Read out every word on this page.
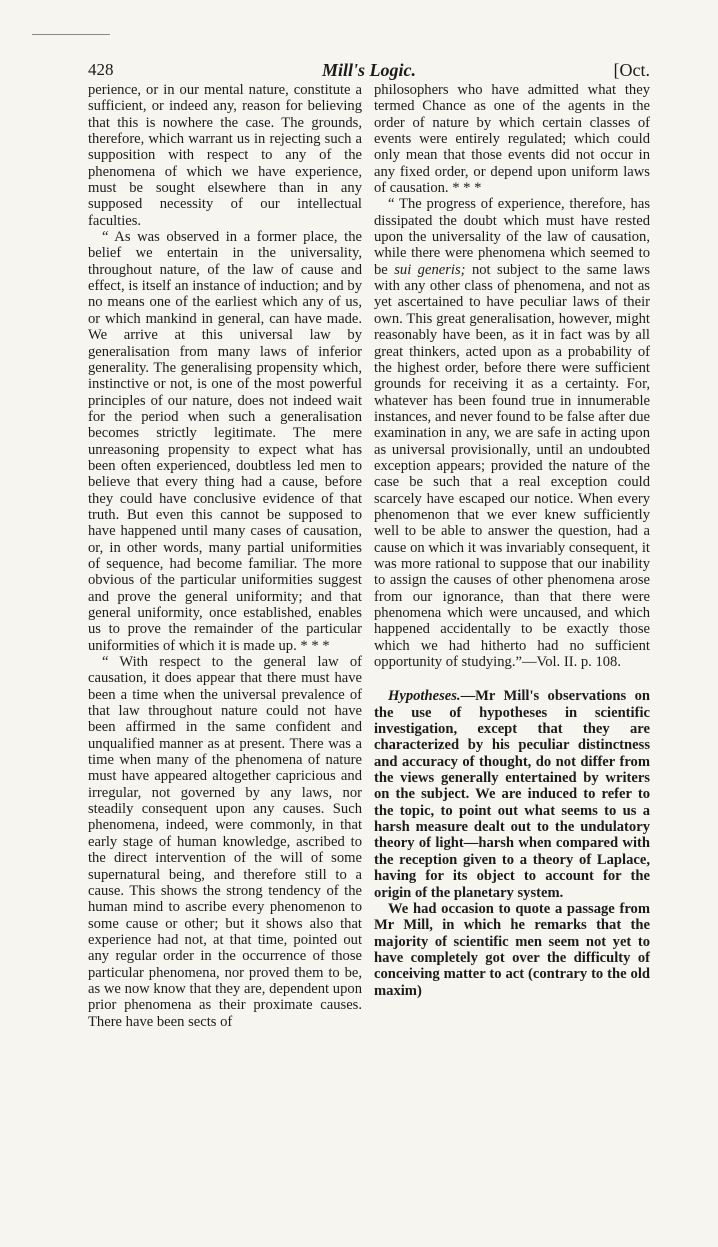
428	Mill's Logic.	[Oct.

perience, or in our mental nature, constitute a sufficient, or indeed any, reason for believing that this is nowhere the case. The grounds, therefore, which warrant us in rejecting such a supposition with respect to any of the phenomena of which we have experience, must be sought elsewhere than in any supposed necessity of our intellectual faculties.

“ As was observed in a former place, the belief we entertain in the universality, throughout nature, of the law of cause and effect, is itself an instance of induction; and by no means one of the earliest which any of us, or which mankind in general, can have made. We arrive at this universal law by generalisation from many laws of inferior generality. The generalising propensity which, instinctive or not, is one of the most powerful principles of our nature, does not indeed wait for the period when such a generalisation becomes strictly legitimate. The mere unreasoning propensity to expect what has been often experienced, doubtless led men to believe that every thing had a cause, before they could have conclusive evidence of that truth. But even this cannot be supposed to have happened until many cases of causation, or, in other words, many partial uniformities of sequence, had become familiar. The more obvious of the particular uniformities suggest and prove the general uniformity; and that general uniformity, once established, enables us to prove the remainder of the particular uniformities of which it is made up. * * *

“ With respect to the general law of causation, it does appear that there must have been a time when the universal prevalence of that law throughout nature could not have been affirmed in the same confident and unqualified manner as at present. There was a time when many of the phenomena of nature must have appeared altogether capricious and irregular, not governed by any laws, nor steadily consequent upon any causes. Such phenomena, indeed, were commonly, in that early stage of human knowledge, ascribed to the direct intervention of the will of some supernatural being, and therefore still to a cause. This shows the strong tendency of the human mind to ascribe every phenomenon to some cause or other; but it shows also that experience had not, at that time, pointed out any regular order in the occurrence of those particular phenomena, nor proved them to be, as we now know that they are, dependent upon prior phenomena as their proximate causes. There have been sects of

philosophers who have admitted what they termed Chance as one of the agents in the order of nature by which certain classes of events were entirely regulated; which could only mean that those events did not occur in any fixed order, or depend upon uniform laws of causation. * * *

“ The progress of experience, therefore, has dissipated the doubt which must have rested upon the universality of the law of causation, while there were phenomena which seemed to be sui generis; not subject to the same laws with any other class of phenomena, and not as yet ascertained to have peculiar laws of their own. This great generalisation, however, might reasonably have been, as it in fact was by all great thinkers, acted upon as a probability of the highest order, before there were sufficient grounds for receiving it as a certainty. For, whatever has been found true in innumerable instances, and never found to be false after due examination in any, we are safe in acting upon as universal provisionally, until an undoubted exception appears; provided the nature of the case be such that a real exception could scarcely have escaped our notice. When every phenomenon that we ever knew sufficiently well to be able to answer the question, had a cause on which it was invariably consequent, it was more rational to suppose that our inability to assign the causes of other phenomena arose from our ignorance, than that there were phenomena which were uncaused, and which happened accidentally to be exactly those which we had hitherto had no sufficient opportunity of studying.”—Vol. II. p. 108.

Hypotheses.—Mr Mill's observations on the use of hypotheses in scientific investigation, except that they are characterized by his peculiar distinctness and accuracy of thought, do not differ from the views generally entertained by writers on the subject. We are induced to refer to the topic, to point out what seems to us a harsh measure dealt out to the undulatory theory of light—harsh when compared with the reception given to a theory of Laplace, having for its object to account for the origin of the planetary system.

We had occasion to quote a passage from Mr Mill, in which he remarks that the majority of scientific men seem not yet to have completely got over the difficulty of conceiving matter to act (contrary to the old maxim)
